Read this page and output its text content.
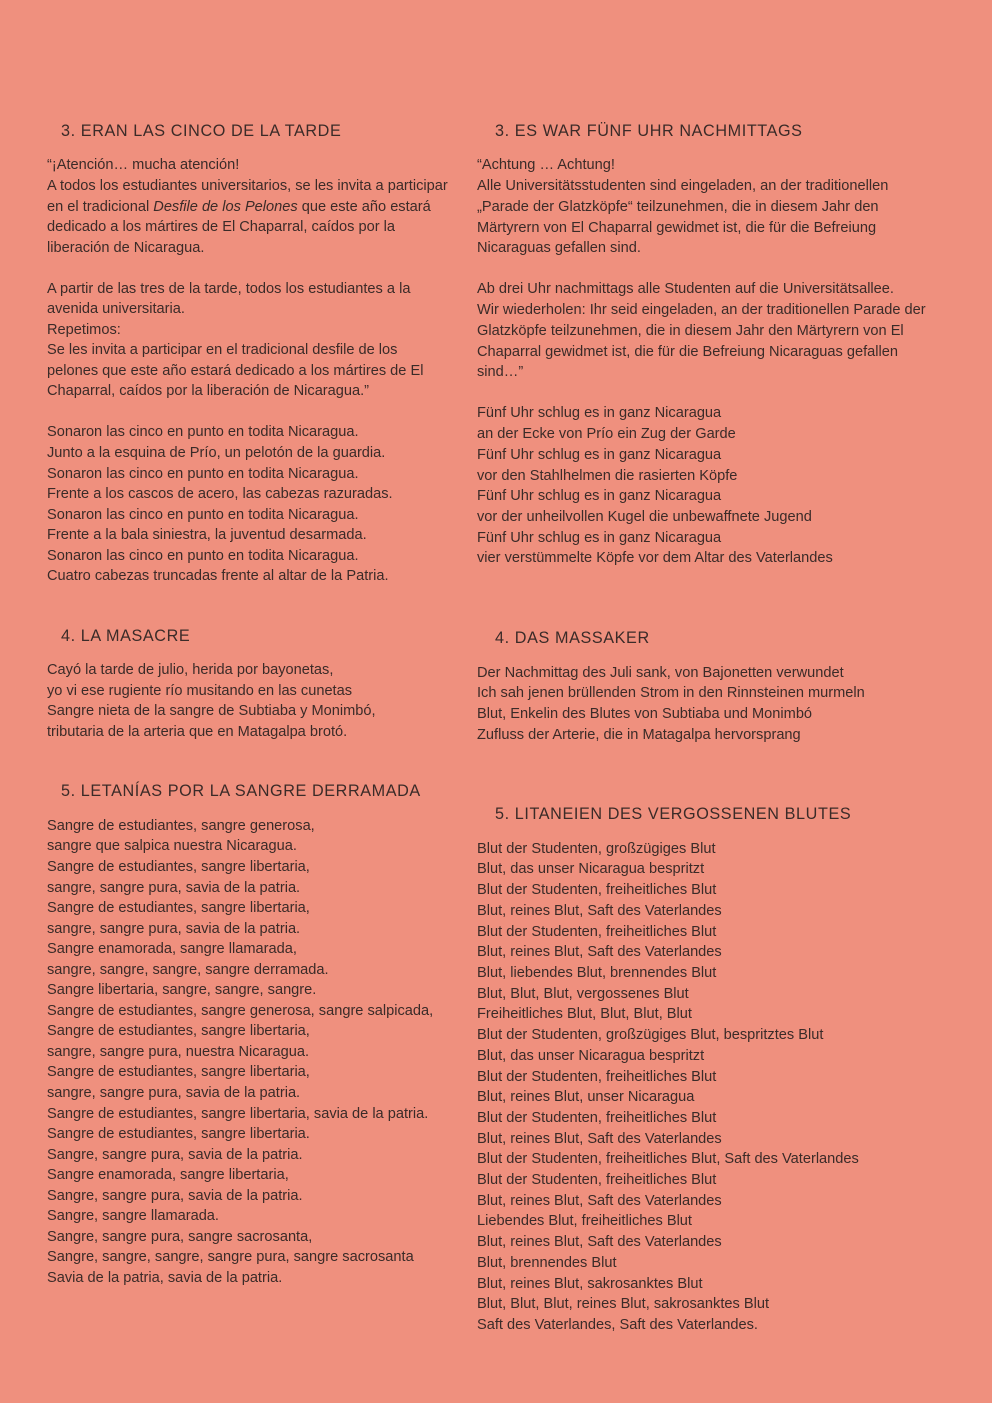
3. ERAN LAS CINCO DE LA TARDE

“¡Atención… mucha atención!
A todos los estudiantes universitarios, se les invita a participar
en el tradicional Desfile de los Pelones que este año estará
dedicado a los mártires de El Chaparral, caídos por la
liberación de Nicaragua.

A partir de las tres de la tarde, todos los estudiantes a la
avenida universitaria.
Repetimos:
Se les invita a participar en el tradicional desfile de los
pelones que este año estará dedicado a los mártires de El
Chaparral, caídos por la liberación de Nicaragua.”

Sonaron las cinco en punto en todita Nicaragua.
Junto a la esquina de Prío, un pelotón de la guardia.
Sonaron las cinco en punto en todita Nicaragua.
Frente a los cascos de acero, las cabezas razuradas.
Sonaron las cinco en punto en todita Nicaragua.
Frente a la bala siniestra, la juventud desarmada.
Sonaron las cinco en punto en todita Nicaragua.
Cuatro cabezas truncadas frente al altar de la Patria.

4. LA MASACRE

Cayó la tarde de julio, herida por bayonetas,
yo vi ese rugiente río musitando en las cunetas
Sangre nieta de la sangre de Subtiaba y Monimbó,
tributaria de la arteria que en Matagalpa brotó.

5. LETANÍAS POR LA SANGRE DERRAMADA

Sangre de estudiantes, sangre generosa,
sangre que salpica nuestra Nicaragua.
Sangre de estudiantes, sangre libertaria,
sangre, sangre pura, savia de la patria.
Sangre de estudiantes, sangre libertaria,
sangre, sangre pura, savia de la patria.
Sangre enamorada, sangre llamarada,
sangre, sangre, sangre, sangre derramada.
Sangre libertaria, sangre, sangre, sangre.
Sangre de estudiantes, sangre generosa, sangre salpicada,
Sangre de estudiantes, sangre libertaria,
sangre, sangre pura, nuestra Nicaragua.
Sangre de estudiantes, sangre libertaria,
sangre, sangre pura, savia de la patria.
Sangre de estudiantes, sangre libertaria, savia de la patria.
Sangre de estudiantes, sangre libertaria.
Sangre, sangre pura, savia de la patria.
Sangre enamorada, sangre libertaria,
Sangre, sangre pura, savia de la patria.
Sangre, sangre llamarada.
Sangre, sangre pura, sangre sacrosanta,
Sangre, sangre, sangre, sangre pura, sangre sacrosanta
Savia de la patria, savia de la patria.

3. ES WAR FÜNF UHR NACHMITTAGS

“Achtung … Achtung!
Alle Universitätsstudenten sind eingeladen, an der traditionellen
„Parade der Glatzköpfe“ teilzunehmen, die in diesem Jahr den
Märtyrern von El Chaparral gewidmet ist, die für die Befreiung
Nicaraguas gefallen sind.

Ab drei Uhr nachmittags alle Studenten auf die Universitätsallee.
Wir wiederholen: Ihr seid eingeladen, an der traditionellen Parade der
Glatzköpfe teilzunehmen, die in diesem Jahr den Märtyrern von El
Chaparral gewidmet ist, die für die Befreiung Nicaraguas gefallen
sind…”

Fünf Uhr schlug es in ganz Nicaragua
an der Ecke von Prío ein Zug der Garde
Fünf Uhr schlug es in ganz Nicaragua
vor den Stahlhelmen die rasierten Köpfe
Fünf Uhr schlug es in ganz Nicaragua
vor der unheilvollen Kugel die unbewaffnete Jugend
Fünf Uhr schlug es in ganz Nicaragua
vier verstümmelte Köpfe vor dem Altar des Vaterlandes

4. DAS MASSAKER

Der Nachmittag des Juli sank, von Bajonetten verwundet
Ich sah jenen brüllenden Strom in den Rinnsteinen murmeln
Blut, Enkelin des Blutes von Subtiaba und Monimbó
Zufluss der Arterie, die in Matagalpa hervorsprang

5. LITANEIEN DES VERGOSSENEN BLUTES

Blut der Studenten, großzügiges Blut
Blut, das unser Nicaragua bespritzt
Blut der Studenten, freiheitliches Blut
Blut, reines Blut, Saft des Vaterlandes
Blut der Studenten, freiheitliches Blut
Blut, reines Blut, Saft des Vaterlandes
Blut, liebendes Blut, brennendes Blut
Blut, Blut, Blut, vergossenes Blut
Freiheitliches Blut, Blut, Blut, Blut
Blut der Studenten, großzügiges Blut, bespritztes Blut
Blut, das unser Nicaragua bespritzt
Blut der Studenten, freiheitliches Blut
Blut, reines Blut, unser Nicaragua
Blut der Studenten, freiheitliches Blut
Blut, reines Blut, Saft des Vaterlandes
Blut der Studenten, freiheitliches Blut, Saft des Vaterlandes
Blut der Studenten, freiheitliches Blut
Blut, reines Blut, Saft des Vaterlandes
Liebendes Blut, freiheitliches Blut
Blut, reines Blut, Saft des Vaterlandes
Blut, brennendes Blut
Blut, reines Blut, sakrosanktes Blut
Blut, Blut, Blut, reines Blut, sakrosanktes Blut
Saft des Vaterlandes, Saft des Vaterlandes.
